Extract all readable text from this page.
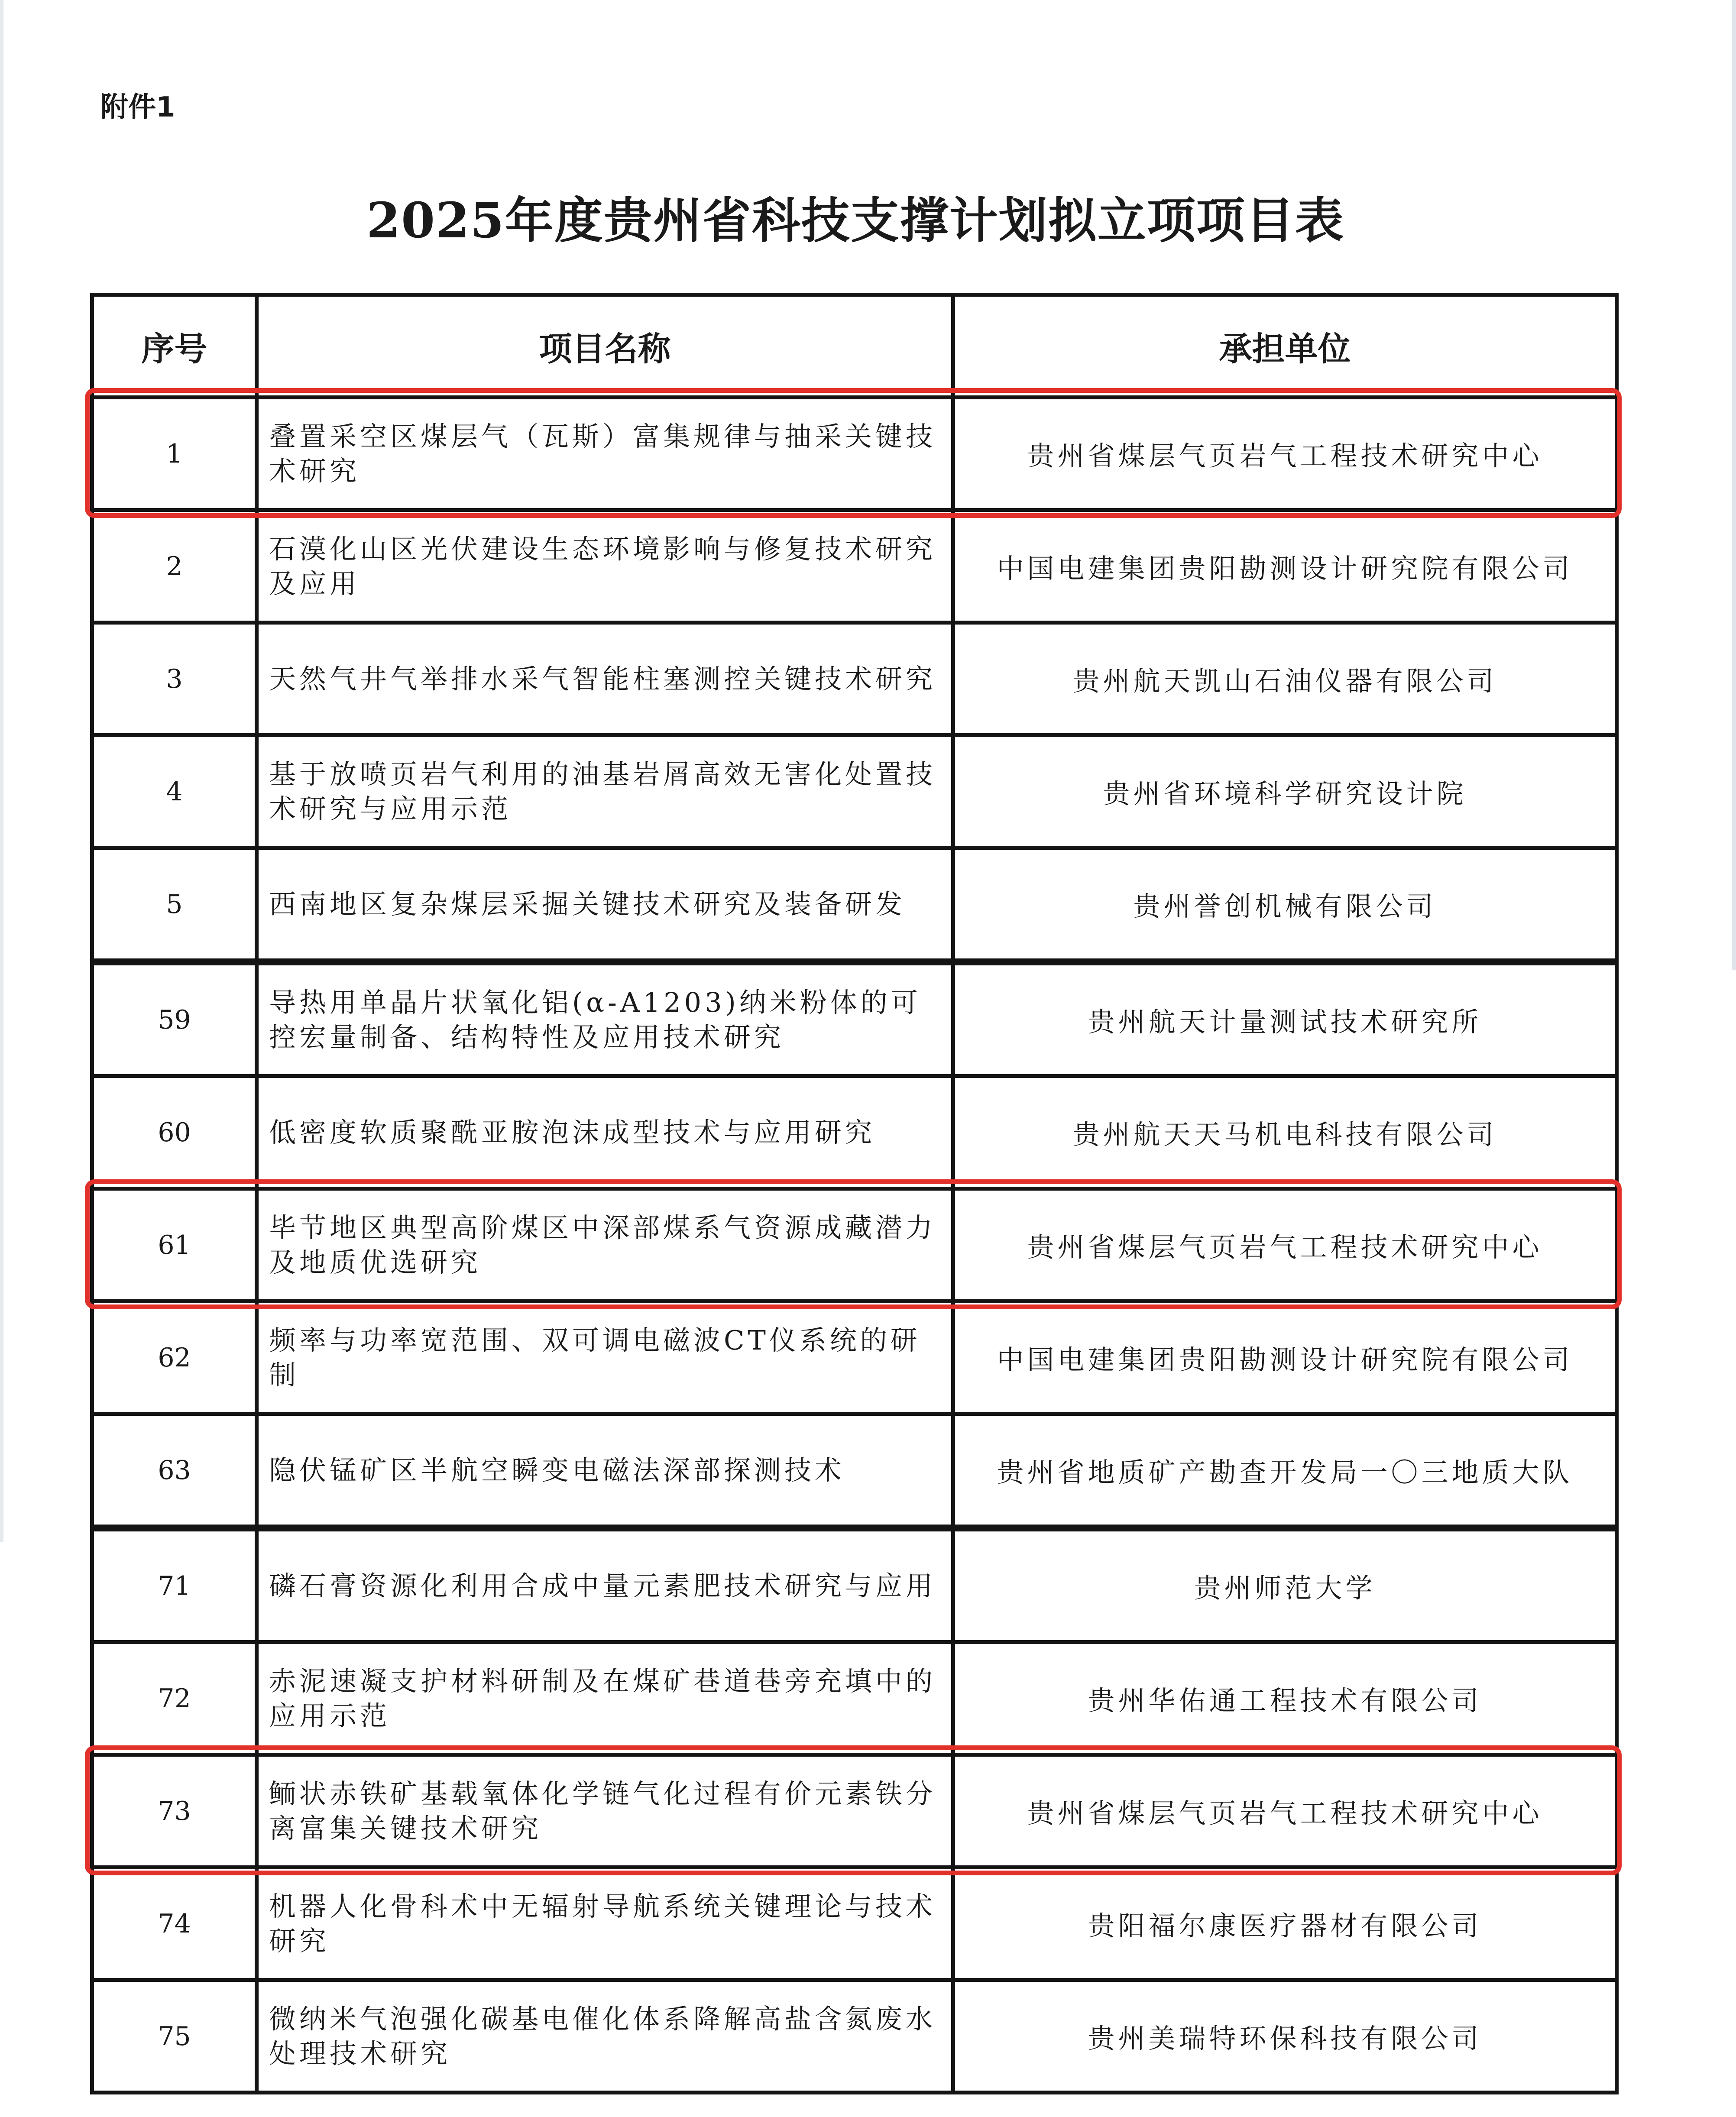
附件1
2025年度贵州省科技支撑计划拟立项项目表
序号	项目名称	承担单位
1	叠置采空区煤层气（瓦斯）富集规律与抽采关键技术研究	贵州省煤层气页岩气工程技术研究中心
2	石漠化山区光伏建设生态环境影响与修复技术研究及应用	中国电建集团贵阳勘测设计研究院有限公司
3	天然气井气举排水采气智能柱塞测控关键技术研究	贵州航天凯山石油仪器有限公司
4	基于放喷页岩气利用的油基岩屑高效无害化处置技术研究与应用示范	贵州省环境科学研究设计院
5	西南地区复杂煤层采掘关键技术研究及装备研发	贵州誉创机械有限公司
59	导热用单晶片状氧化铝(α-A1203)纳米粉体的可控宏量制备、结构特性及应用技术研究	贵州航天计量测试技术研究所
60	低密度软质聚酰亚胺泡沫成型技术与应用研究	贵州航天天马机电科技有限公司
61	毕节地区典型高阶煤区中深部煤系气资源成藏潜力及地质优选研究	贵州省煤层气页岩气工程技术研究中心
62	频率与功率宽范围、双可调电磁波CT仪系统的研制	中国电建集团贵阳勘测设计研究院有限公司
63	隐伏锰矿区半航空瞬变电磁法深部探测技术	贵州省地质矿产勘查开发局一〇三地质大队
71	磷石膏资源化利用合成中量元素肥技术研究与应用	贵州师范大学
72	赤泥速凝支护材料研制及在煤矿巷道巷旁充填中的应用示范	贵州华佑通工程技术有限公司
73	鲕状赤铁矿基载氧体化学链气化过程有价元素铁分离富集关键技术研究	贵州省煤层气页岩气工程技术研究中心
74	机器人化骨科术中无辐射导航系统关键理论与技术研究	贵阳福尔康医疗器材有限公司
75	微纳米气泡强化碳基电催化体系降解高盐含氮废水处理技术研究	贵州美瑞特环保科技有限公司
